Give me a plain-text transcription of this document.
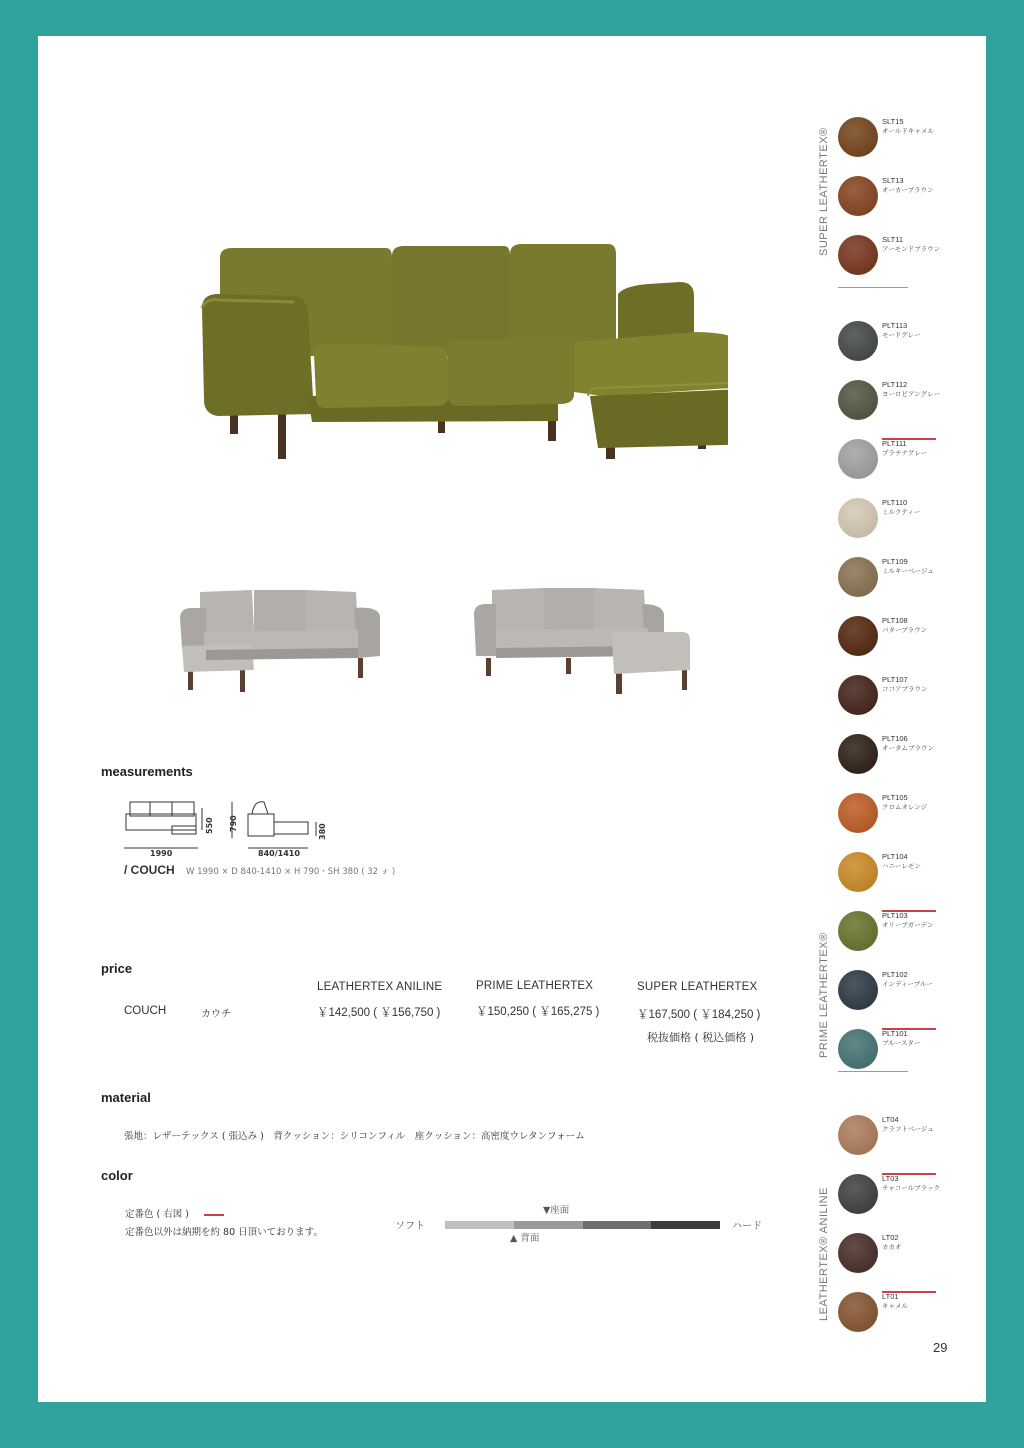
measurements
1990	840/1410
550 790	380
/ COUCH W 1990 × D 840-1410 × H 790・SH 380 ( 32 ォ )
price
LEATHERTEX ANILINE	PRIME LEATHERTEX	SUPER LEATHERTEX
COUCH	カウチ	￥142,500 ( ￥156,750 )	￥150,250 ( ￥165,275 )	￥167,500 ( ￥184,250 )
税抜価格 ( 税込価格 )
material
張地：レザーテックス ( 張込み )　背クッション：シリコンフィル　座クッション：高密度ウレタンフォーム
color
定番色 ( 右図 )
定番色以外は納期を約 80 日頂いております。
ソフト	ハード
▼座面
▲ 背面
SUPER LEATHERTEX®
PRIME LEATHERTEX®
LEATHERTEX® ANILINE
SLT15
オールドキャメル
SLT13
オーカーブラウン
SLT11
アーモンドブラウン
PLT113
モードグレー
PLT112
ヨーロピアングレー
PLT111
プラチナグレー
PLT110
ミルクティー
PLT109
ミルキーベージュ
PLT108
バターブラウン
PLT107
ココアブラウン
PLT106
オータムブラウン
PLT105
クロムオレンジ
PLT104
ハニーレモン
PLT103
オリーブガーデン
PLT102
インディーブルー
PLT101
ブルースター
LT04
クラフトベージュ
LT03
チャコールブラック
LT02
カカオ
LT01
キャメル
29
